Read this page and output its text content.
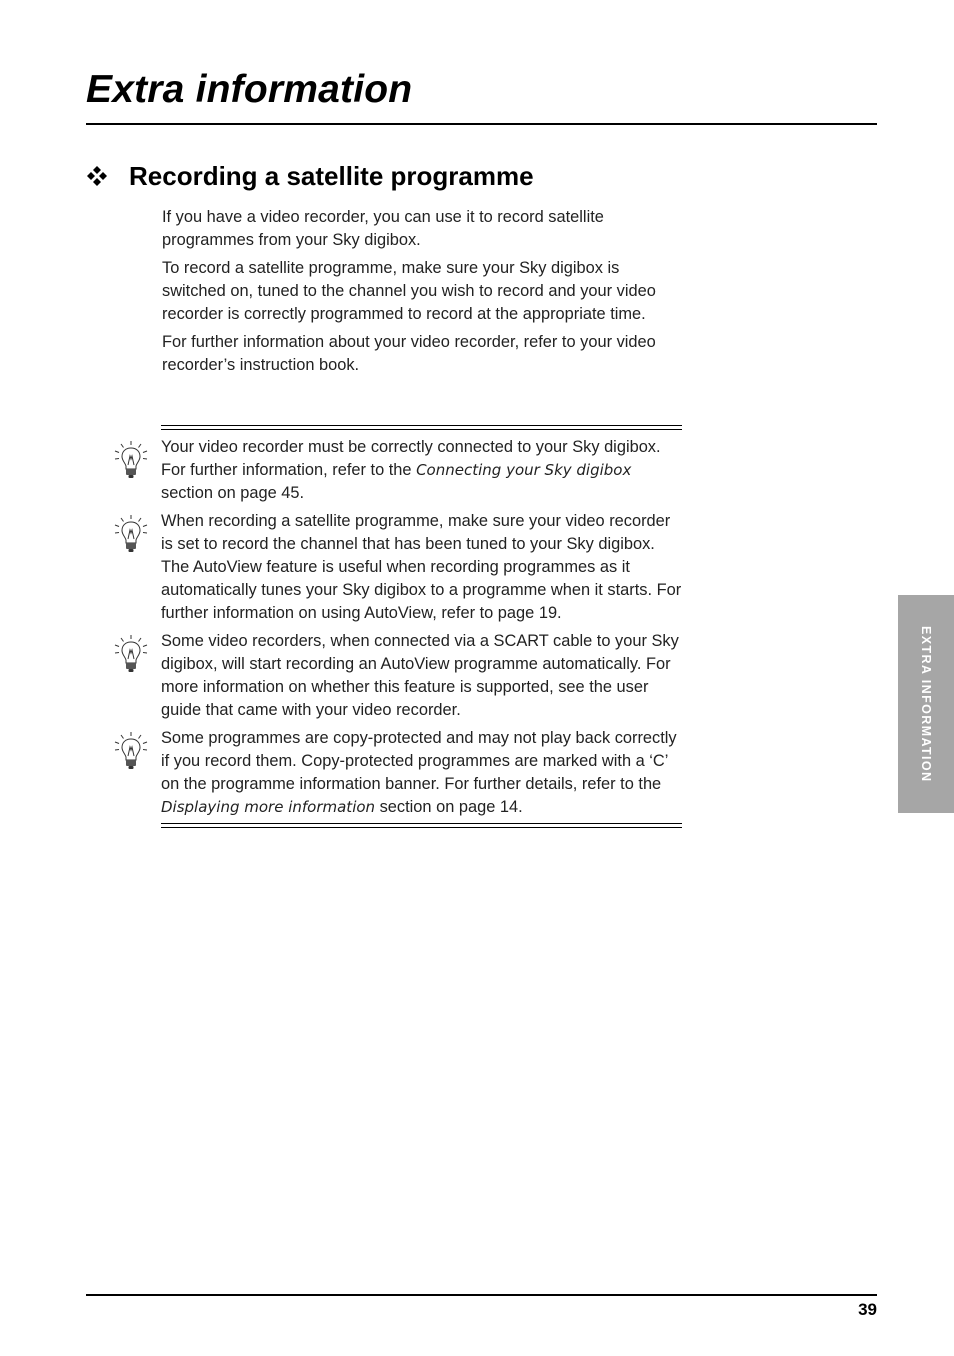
Extra information
Recording a satellite programme

If you have a video recorder, you can use it to record satellite programmes from your Sky digibox.

To record a satellite programme, make sure your Sky digibox is switched on, tuned to the channel you wish to record and your video recorder is correctly programmed to record at the appropriate time.

For further information about your video recorder, refer to your video recorder’s instruction book.

Your video recorder must be correctly connected to your Sky digibox. For further information, refer to the Connecting your Sky digibox section on page 45.
When recording a satellite programme, make sure your video recorder is set to record the channel that has been tuned to your Sky digibox. The AutoView feature is useful when recording programmes as it automatically tunes your Sky digibox to a programme when it starts. For further information on using AutoView, refer to page 19.
Some video recorders, when connected via a SCART cable to your Sky digibox, will start recording an AutoView programme automatically. For more information on whether this feature is supported, see the user guide that came with your video recorder.
Some programmes are copy-protected and may not play back correctly if you record them. Copy-protected programmes are marked with a ‘C’ on the programme information banner. For further details, refer to the Displaying more information section on page 14.
EXTRA INFORMATION
39
